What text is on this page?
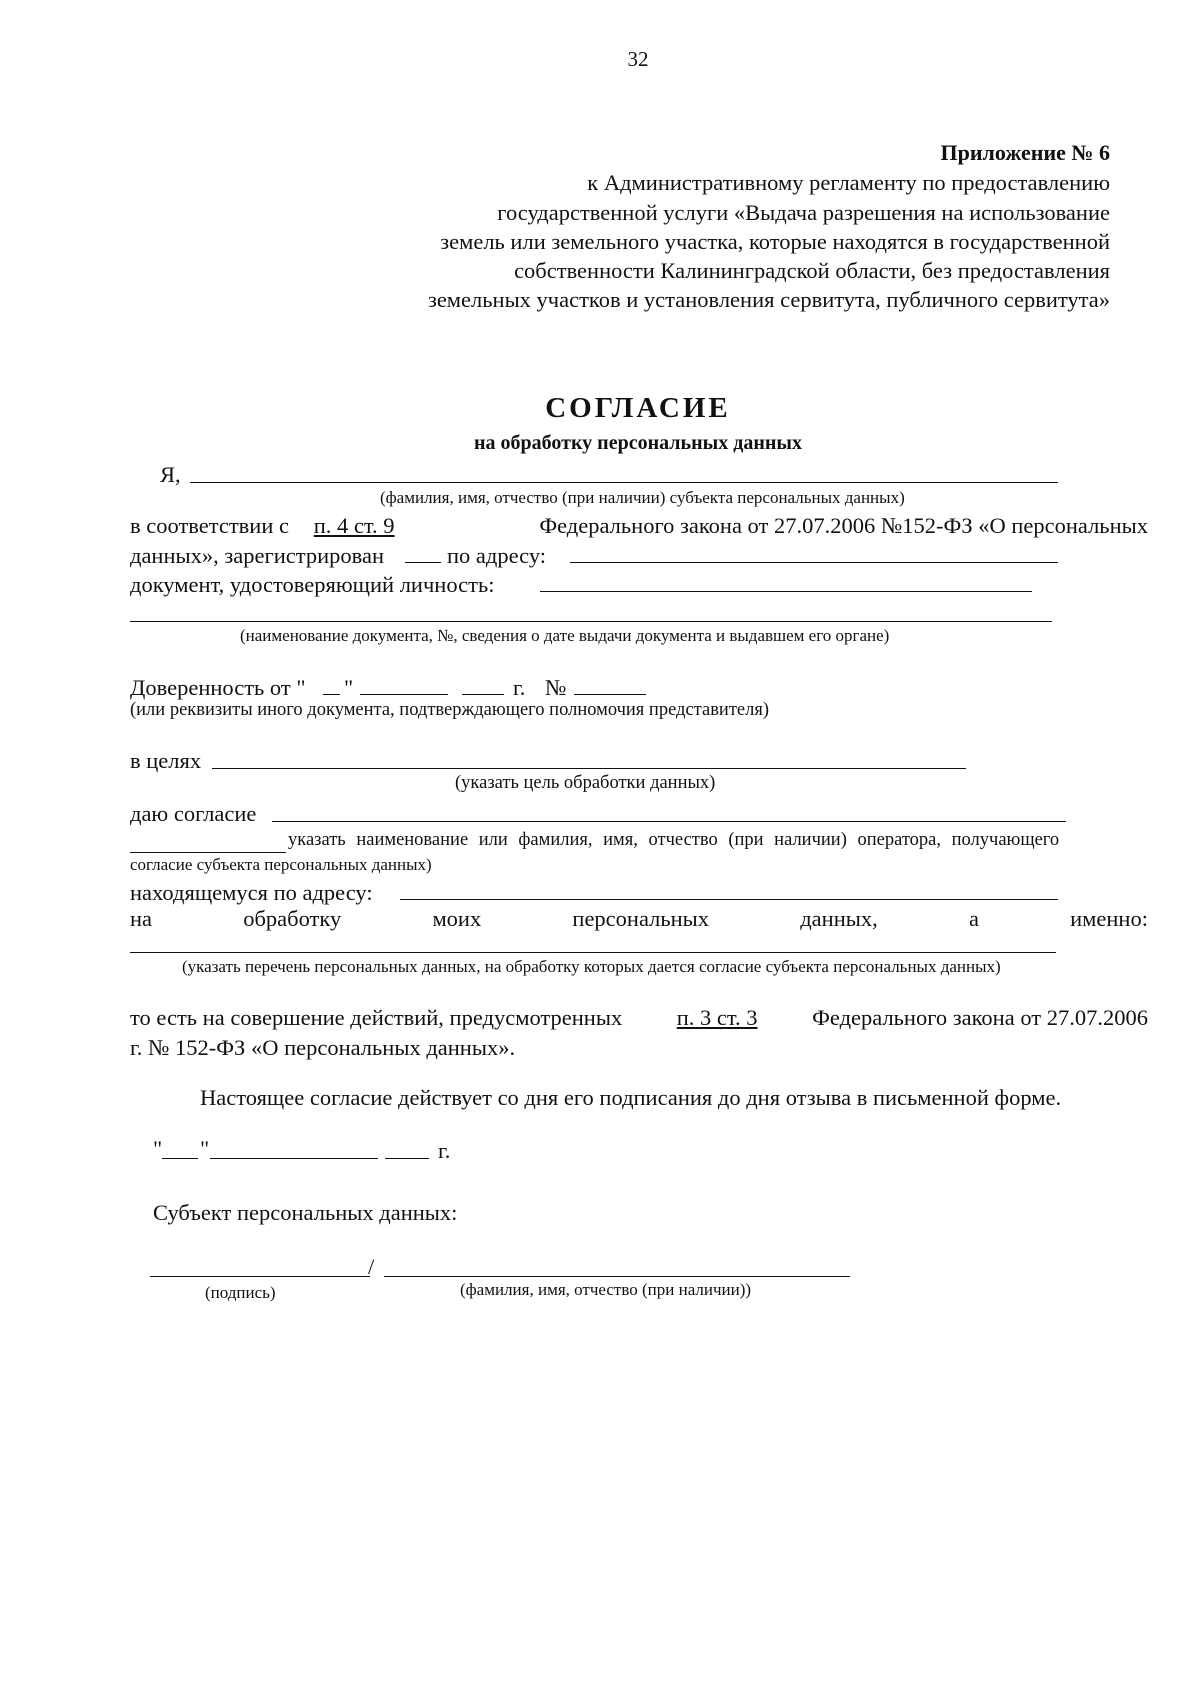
32
Приложение № 6
к Административному регламенту по предоставлению
государственной услуги «Выдача разрешения на использование
земель или земельного участка, которые находятся в государственной
собственности Калининградской области, без предоставления
земельных участков и установления сервитута, публичного сервитута»
СОГЛАСИЕ
на обработку персональных данных
Я,
(фамилия, имя, отчество (при наличии) субъекта персональных данных)
в соответствии с п. 4 ст. 9	Федерального закона от 27.07.2006 №152-ФЗ «О персональных
данных», зарегистрирован	по адресу:
документ, удостоверяющий личность:
(наименование документа, №, сведения о дате выдачи документа и выдавшем его органе)
Доверенность от " "	г. №
(или реквизиты иного документа, подтверждающего полномочия представителя)
в целях
(указать цель обработки данных)
даю согласие
указать наименование или фамилия, имя, отчество (при наличии) оператора, получающего
согласие субъекта персональных данных)
находящемуся по адресу:
на	обработку	моих	персональных	данных,	а	именно:
(указать перечень персональных данных, на обработку которых дается согласие субъекта персональных данных)
то есть на совершение действий, предусмотренных п. 3 ст. 3 Федерального закона от 27.07.2006
г. № 152-ФЗ «О персональных данных».
Настоящее согласие действует со дня его подписания до дня отзыва в письменной форме.
" "	г.
Субъект персональных данных:
/
(подпись)	(фамилия, имя, отчество (при наличии))
